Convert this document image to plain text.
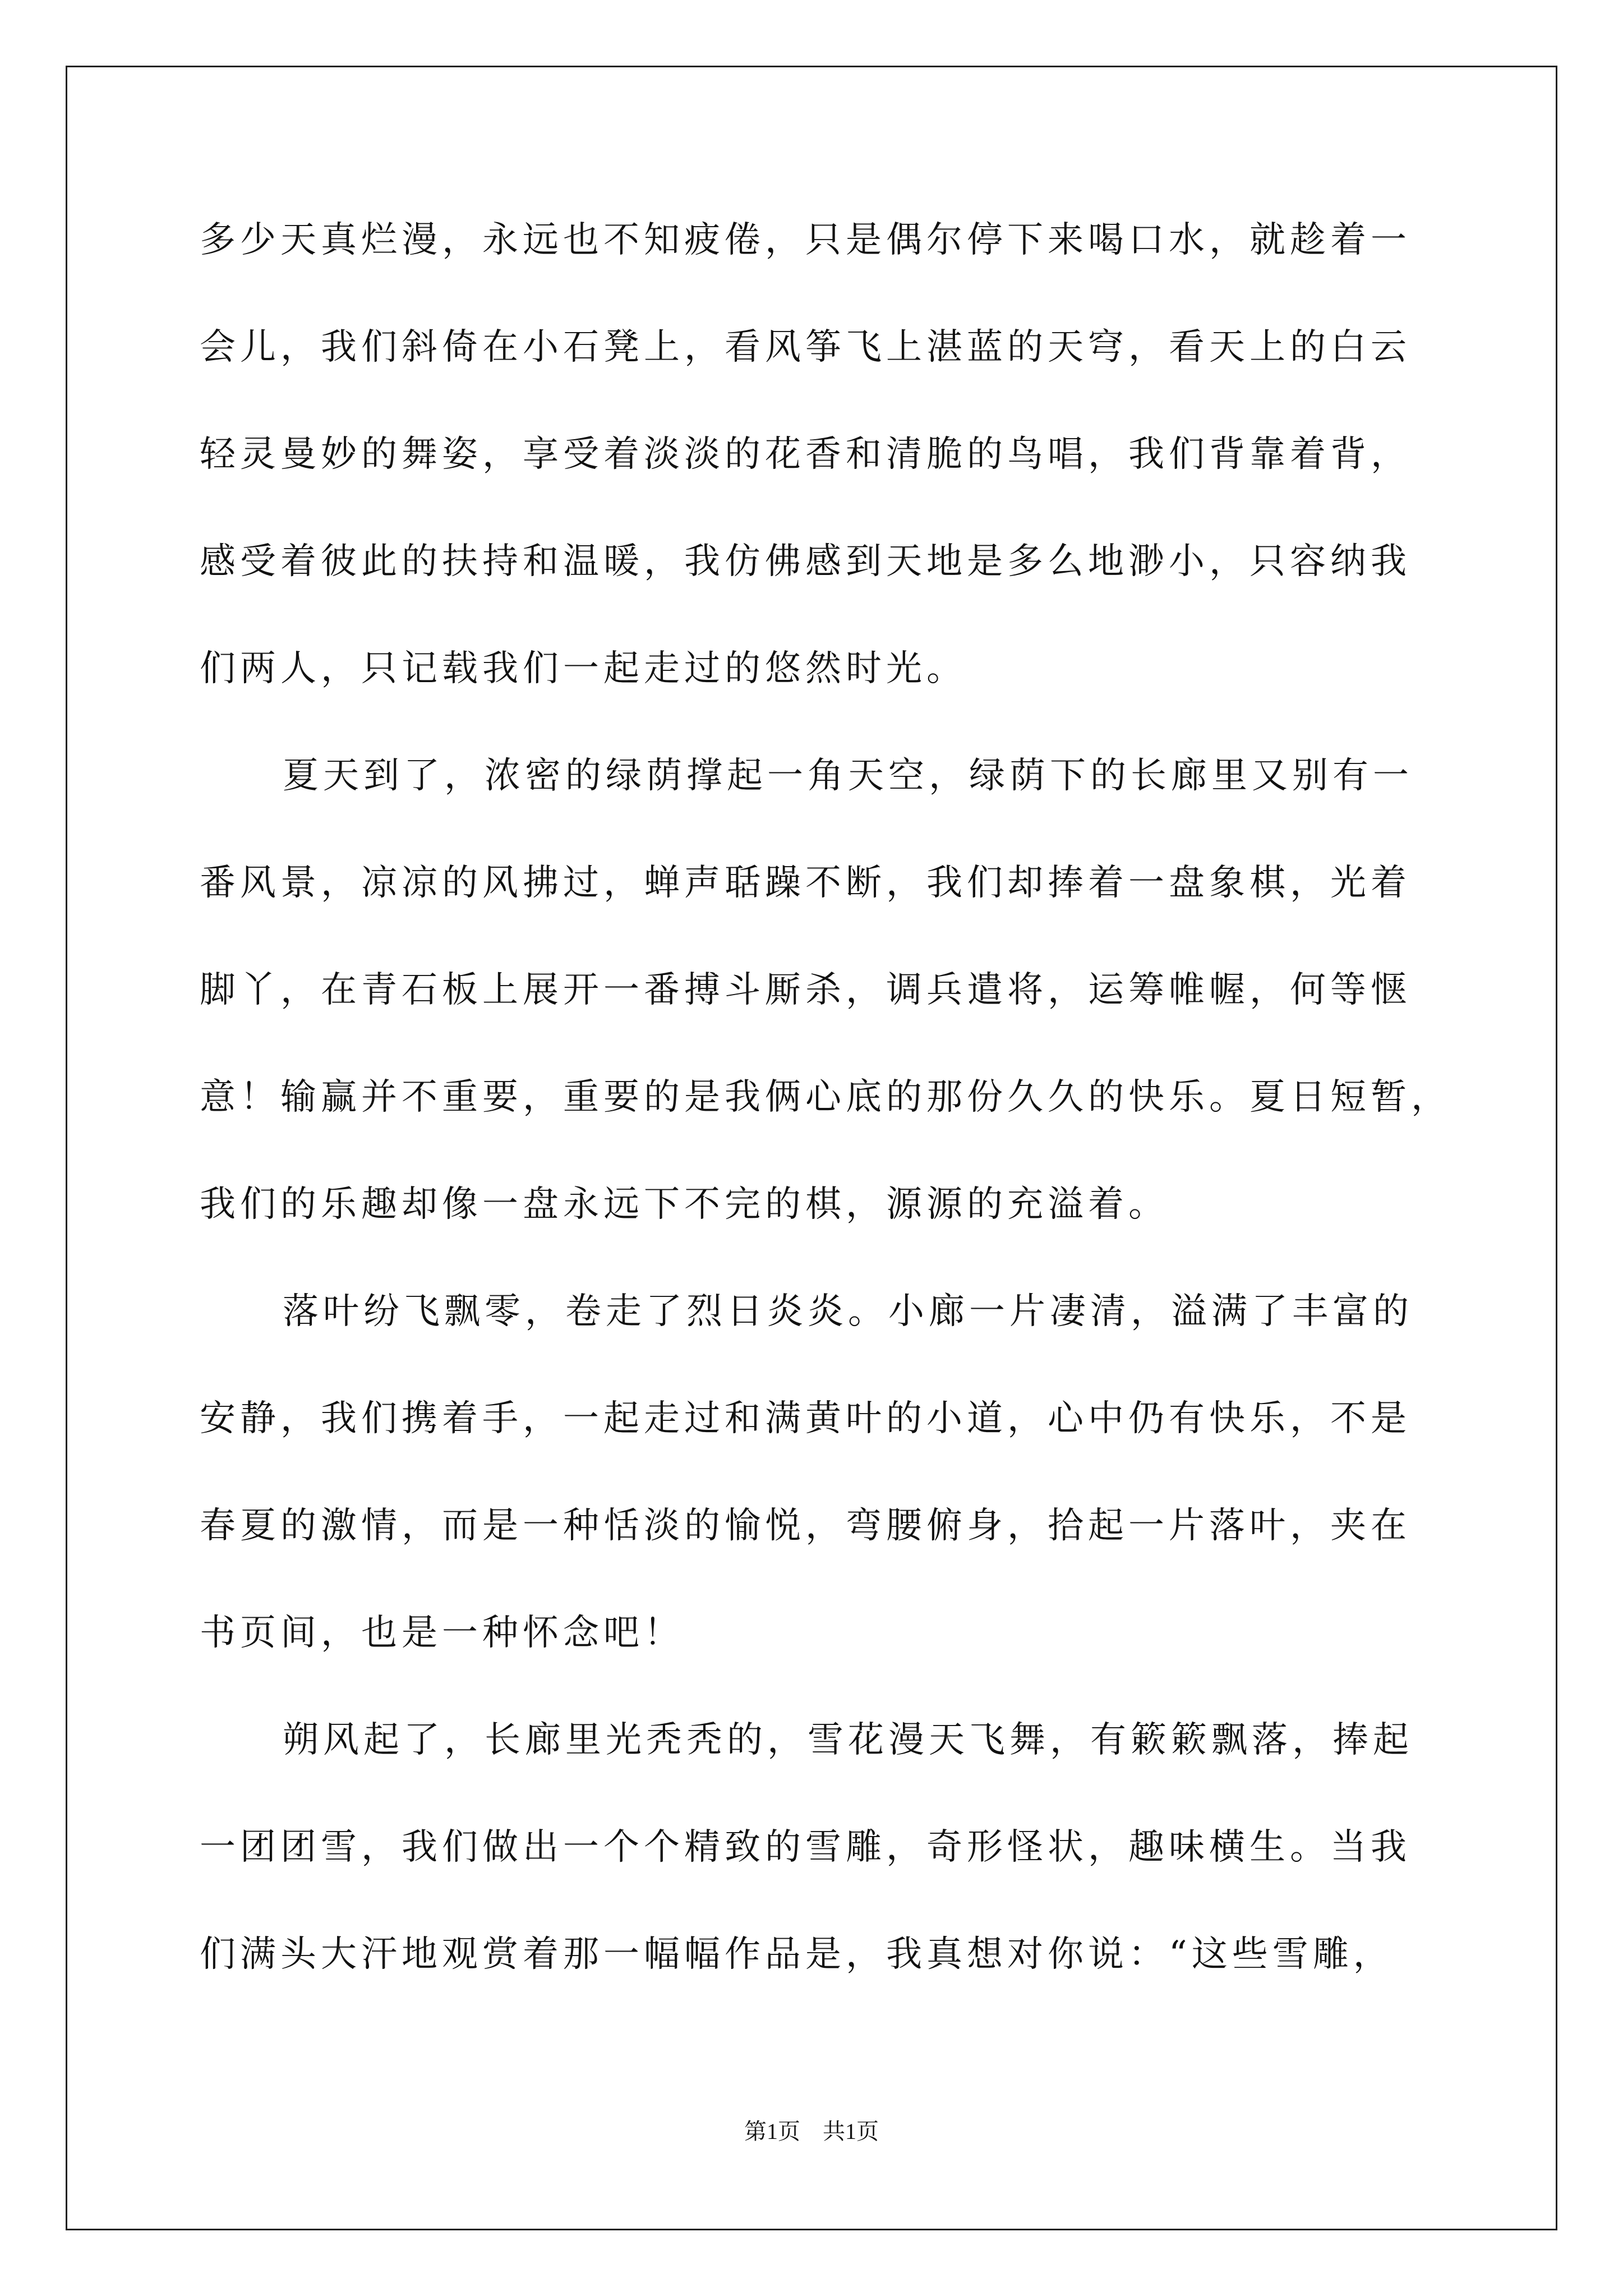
多少天真烂漫，永远也不知疲倦，只是偶尔停下来喝口水，就趁着一
会儿，我们斜倚在小石凳上，看风筝飞上湛蓝的天穹，看天上的白云
轻灵曼妙的舞姿，享受着淡淡的花香和清脆的鸟唱，我们背靠着背，
感受着彼此的扶持和温暖，我仿佛感到天地是多么地渺小，只容纳我
们两人，只记载我们一起走过的悠然时光。
夏天到了，浓密的绿荫撑起一角天空，绿荫下的长廊里又别有一
番风景，凉凉的风拂过，蝉声聒躁不断，我们却捧着一盘象棋，光着
脚丫，在青石板上展开一番搏斗厮杀，调兵遣将，运筹帷幄，何等惬
意！输赢并不重要，重要的是我俩心底的那份久久的快乐。夏日短暂，
我们的乐趣却像一盘永远下不完的棋，源源的充溢着。
落叶纷飞飘零，卷走了烈日炎炎。小廊一片凄清，溢满了丰富的
安静，我们携着手，一起走过和满黄叶的小道，心中仍有快乐，不是
春夏的激情，而是一种恬淡的愉悦，弯腰俯身，拾起一片落叶，夹在
书页间，也是一种怀念吧！
朔风起了，长廊里光秃秃的，雪花漫天飞舞，有簌簌飘落，捧起
一团团雪，我们做出一个个精致的雪雕，奇形怪状，趣味横生。当我
们满头大汗地观赏着那一幅幅作品是，我真想对你说：“这些雪雕，
第1页 共1页
